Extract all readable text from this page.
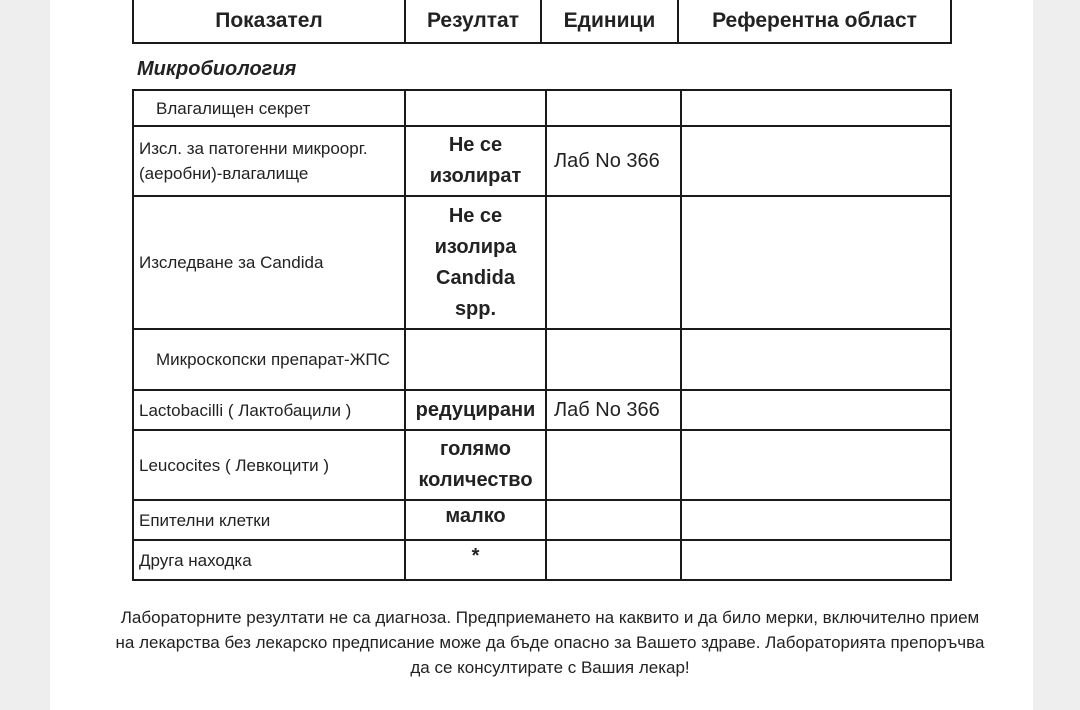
Показател	Резултат	Единици	Референтна област
Микробиология
Влагалищен секрет			
Изсл. за патогенни микроорг. (аеробни)-влагалище	Не се изолират	Лаб No 366	
Изследване за Candida	Не се изолира Candida spp.		
Микроскопски препарат-ЖПС			
Lactobacilli ( Лактобацили )	редуцирани	Лаб No 366	
Leucocites ( Левкоцити )	голямо количество		
Епителни клетки	малко		
Друга находка	*		

Лабораторните резултати не са диагноза. Предприемането на каквито и да било мерки, включително прием на лекарства без лекарско предписание може да бъде опасно за Вашето здраве. Лабораторията препоръчва да се консултирате с Вашия лекар!
